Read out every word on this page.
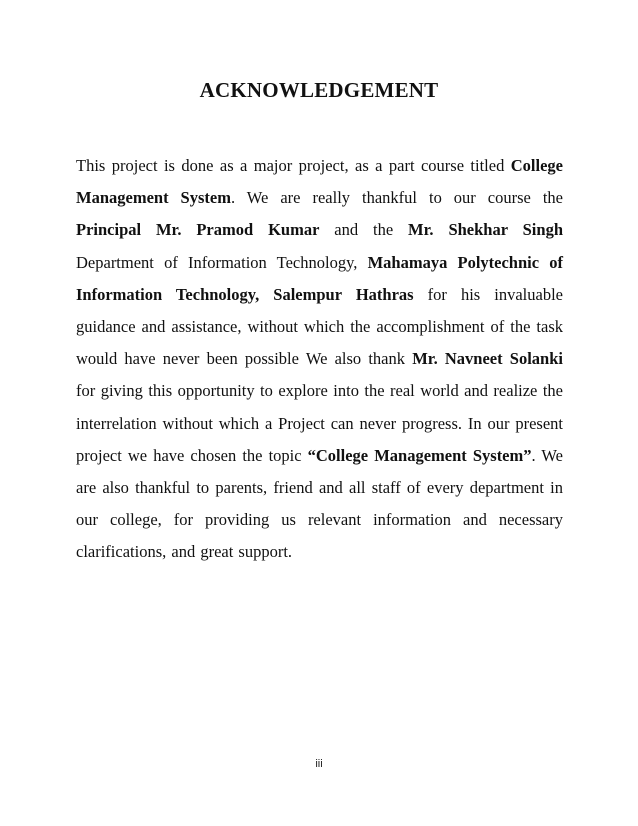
ACKNOWLEDGEMENT

This project is done as a major project, as a part course titled College Management System. We are really thankful to our course the Principal Mr. Pramod Kumar and the Mr. Shekhar Singh Department of Information Technology, Mahamaya Polytechnic of Information Technology, Salempur Hathras for his invaluable guidance and assistance, without which the accomplishment of the task would have never been possible We also thank Mr. Navneet Solanki for giving this opportunity to explore into the real world and realize the interrelation without which a Project can never progress. In our present project we have chosen the topic “College Management System”. We are also thankful to parents, friend and all staff of every department in our college, for providing us relevant information and necessary clarifications, and great support.

iii
